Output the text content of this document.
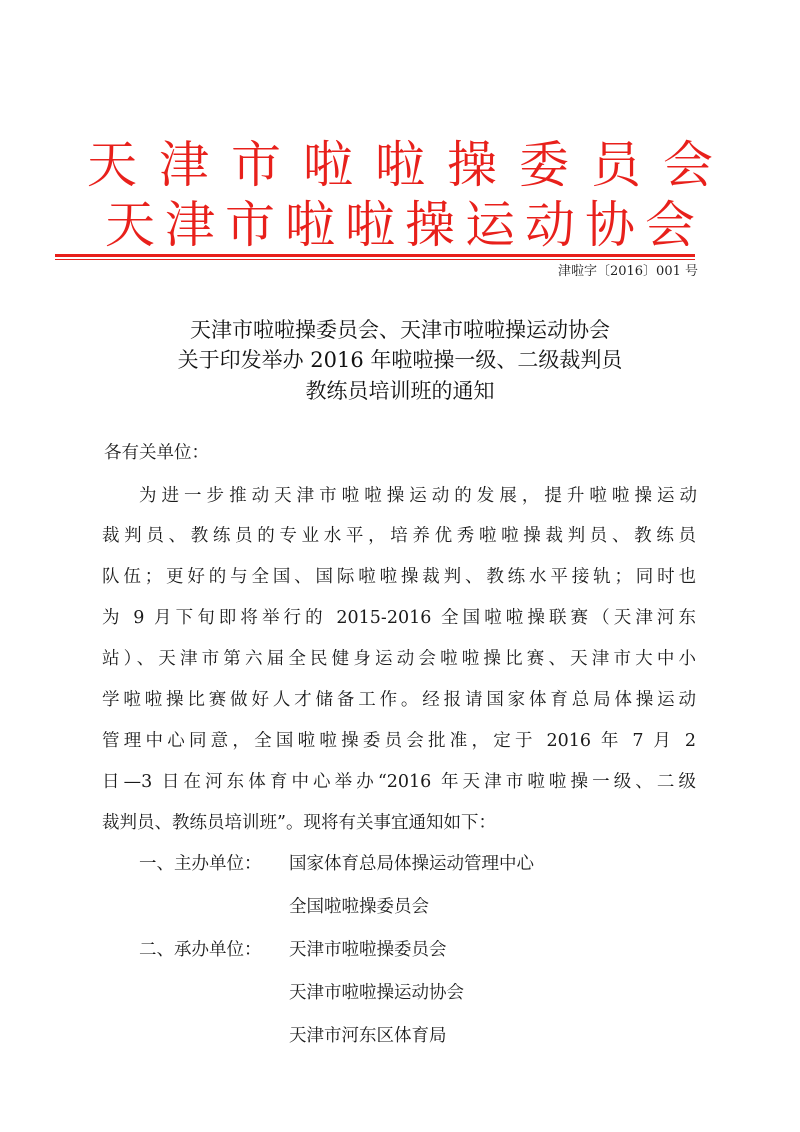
天津市啦啦操委员会
天津市啦啦操运动协会
津啦字〔2016〕001 号
天津市啦啦操委员会、天津市啦啦操运动协会
关于印发举办 2016 年啦啦操一级、二级裁判员
教练员培训班的通知
各有关单位：
为进一步推动天津市啦啦操运动的发展，提升啦啦操运动
裁判员、教练员的专业水平，培养优秀啦啦操裁判员、教练员
队伍；更好的与全国、国际啦啦操裁判、教练水平接轨；同时也
为 9 月下旬即将举行的 2015-2016 全国啦啦操联赛（天津河东
站）、天津市第六届全民健身运动会啦啦操比赛、天津市大中小
学啦啦操比赛做好人才储备工作。经报请国家体育总局体操运动
管理中心同意，全国啦啦操委员会批准，定于 2016 年 7 月 2
日—3 日在河东体育中心举办“2016 年天津市啦啦操一级、二级
裁判员、教练员培训班”。现将有关事宜通知如下：
一、主办单位：	国家体育总局体操运动管理中心
全国啦啦操委员会
二、承办单位：	天津市啦啦操委员会
天津市啦啦操运动协会
天津市河东区体育局
